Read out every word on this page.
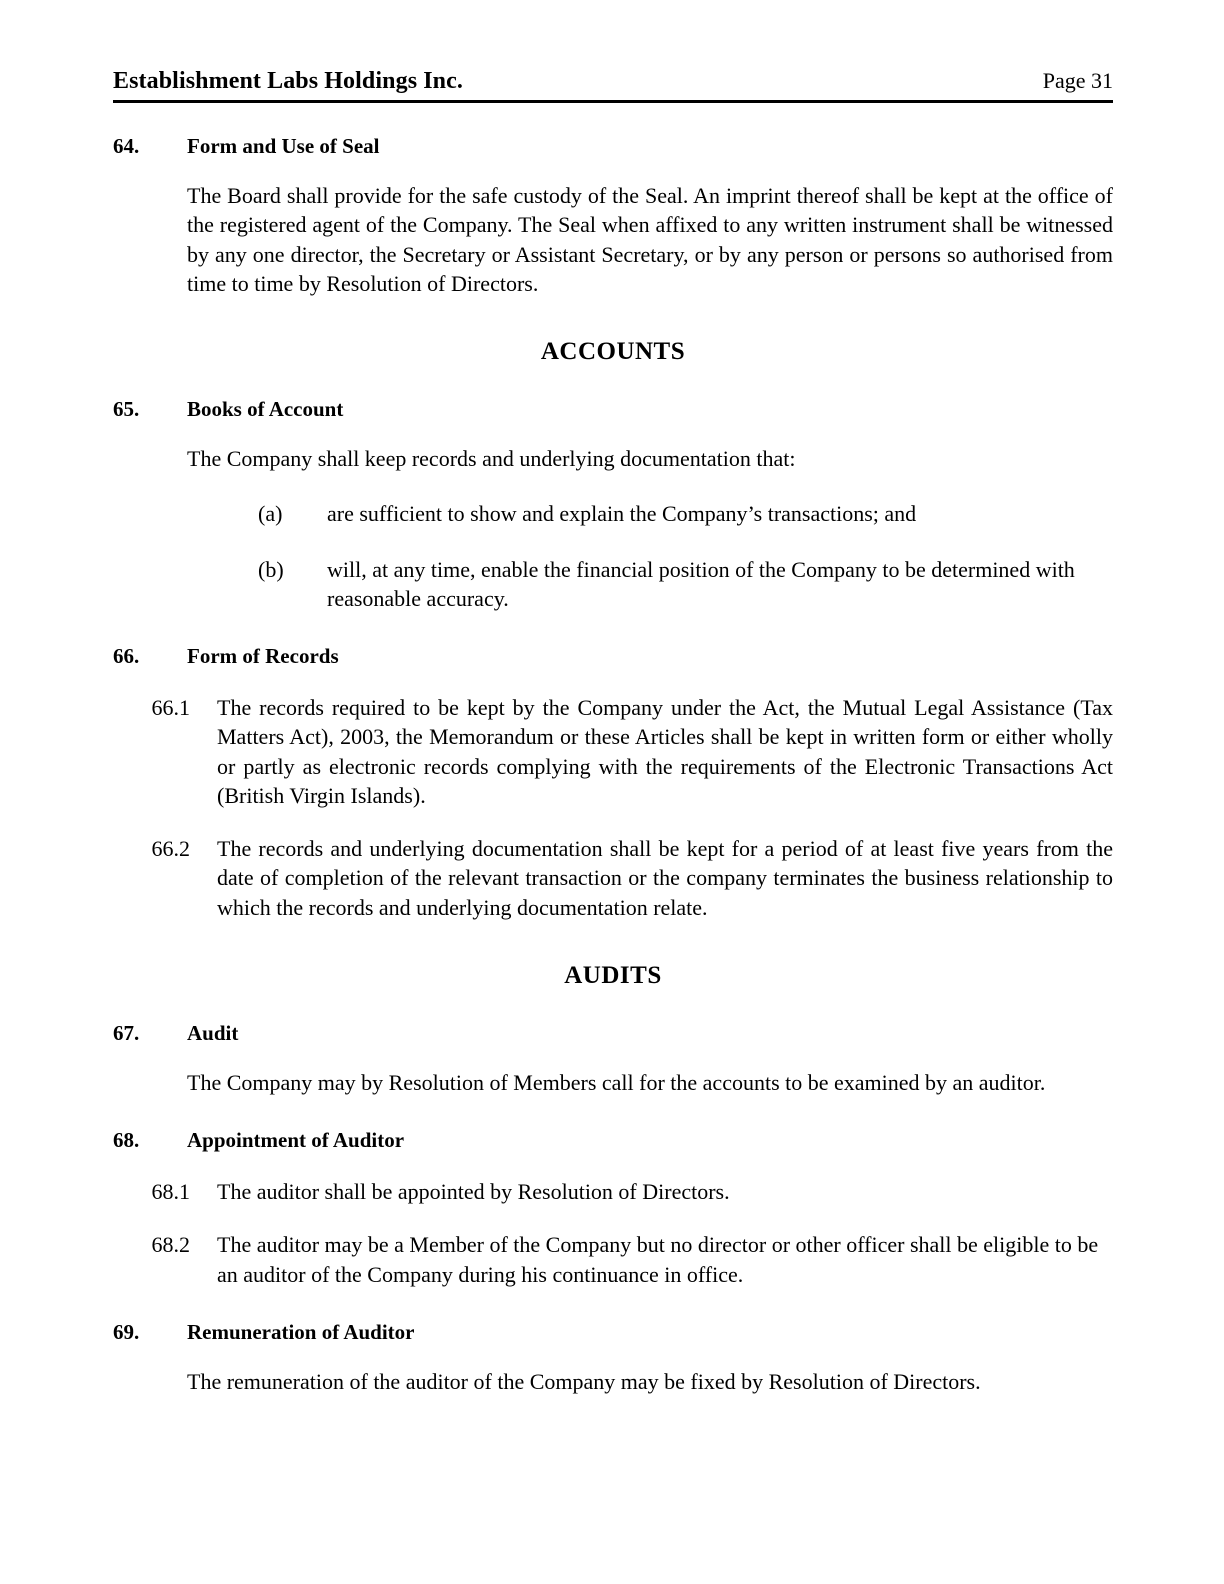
Establishment Labs Holdings Inc.	Page 31
64.	Form and Use of Seal

The Board shall provide for the safe custody of the Seal. An imprint thereof shall be kept at the office of the registered agent of the Company. The Seal when affixed to any written instrument shall be witnessed by any one director, the Secretary or Assistant Secretary, or by any person or persons so authorised from time to time by Resolution of Directors.

ACCOUNTS
65.	Books of Account

The Company shall keep records and underlying documentation that:

(a)	are sufficient to show and explain the Company’s transactions; and
(b)	will, at any time, enable the financial position of the Company to be determined with reasonable accuracy.
66.	Form of Records
66.1	The records required to be kept by the Company under the Act, the Mutual Legal Assistance (Tax Matters Act), 2003, the Memorandum or these Articles shall be kept in written form or either wholly or partly as electronic records complying with the requirements of the Electronic Transactions Act (British Virgin Islands).
66.2	The records and underlying documentation shall be kept for a period of at least five years from the date of completion of the relevant transaction or the company terminates the business relationship to which the records and underlying documentation relate.
AUDITS
67.	Audit

The Company may by Resolution of Members call for the accounts to be examined by an auditor.

68.	Appointment of Auditor
68.1	The auditor shall be appointed by Resolution of Directors.
68.2	The auditor may be a Member of the Company but no director or other officer shall be eligible to be an auditor of the Company during his continuance in office.
69.	Remuneration of Auditor

The remuneration of the auditor of the Company may be fixed by Resolution of Directors.
